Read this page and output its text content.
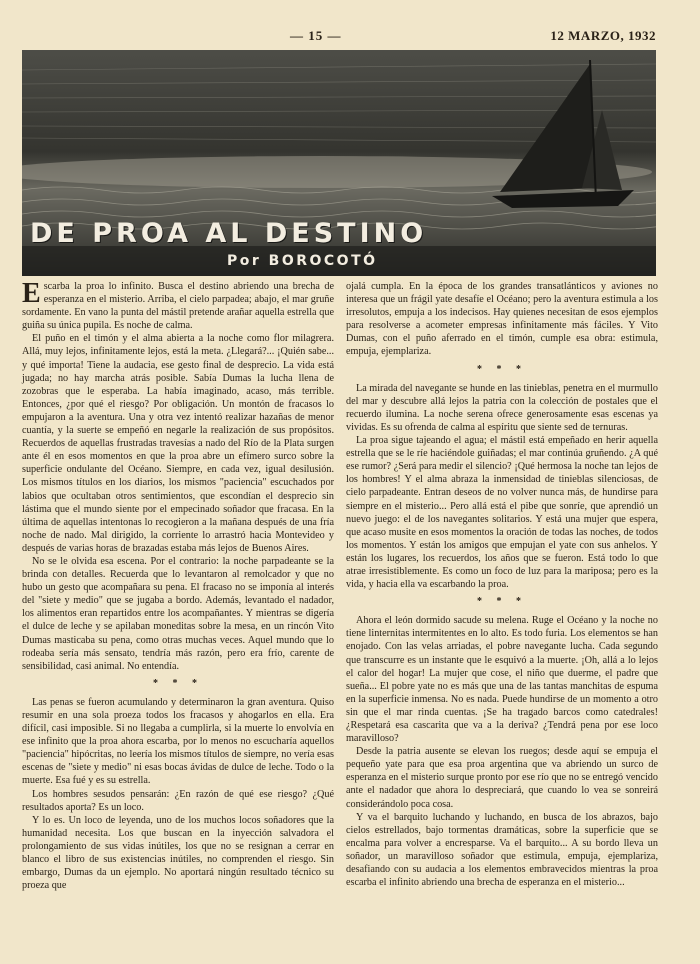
— 15 —	12 MARZO, 1932
DE PROA AL DESTINO
Por BOROCOTÓ

Escarba la proa lo infinito. Busca el destino abriendo una brecha de esperanza en el misterio. Arriba, el cielo parpadea; abajo, el mar gruñe sordamente. En vano la punta del mástil pretende arañar aquella estrella que guiña su única pupila. Es noche de calma.

El puño en el timón y el alma abierta a la noche como flor milagrera. Allá, muy lejos, infinitamente lejos, está la meta. ¿Llegará?... ¡Quién sabe... y qué importa! Tiene la audacia, ese gesto final de desprecio. La vida está jugada; no hay marcha atrás posible. Sabía Dumas la lucha llena de zozobras que le esperaba. La había imaginado, acaso, más terrible. Entonces, ¿por qué el riesgo? Por obligación. Un montón de fracasos lo empujaron a la aventura. Una y otra vez intentó realizar hazañas de menor cuantía, y la suerte se empeñó en negarle la realización de sus propósitos. Recuerdos de aquellas frustradas travesías a nado del Río de la Plata surgen ante él en esos momentos en que la proa abre un efímero surco sobre la superficie ondulante del Océano. Siempre, en cada vez, igual desilusión. Los mismos títulos en los diarios, los mismos "paciencia" escuchados por labios que ocultaban otros sentimientos, que escondían el desprecio sin lástima que el mundo siente por el empecinado soñador que fracasa. En la última de aquellas intentonas lo recogieron a la mañana después de una fría noche de nado. Mal dirigido, la corriente lo arrastró hacia Montevideo y después de varias horas de brazadas estaba más lejos de Buenos Aires.

No se le olvida esa escena. Por el contrario: la noche parpadeante se la brinda con detalles. Recuerda que lo levantaron al remolcador y que no hubo un gesto que acompañara su pena. El fracaso no se imponía al interés del "siete y medio" que se jugaba a bordo. Además, levantado el nadador, los alimentos eran repartidos entre los acompañantes. Y mientras se digería el dulce de leche y se apilaban moneditas sobre la mesa, en un rincón Vito Dumas masticaba su pena, como otras muchas veces. Aquel mundo que lo rodeaba sería más sensato, tendría más razón, pero era frío, carente de sensibilidad, casi animal. No entendía.

* * *

Las penas se fueron acumulando y determinaron la gran aventura. Quiso resumir en una sola proeza todos los fracasos y ahogarlos en ella. Era difícil, casi imposible. Si no llegaba a cumplirla, si la muerte lo envolvía en ese infinito que la proa ahora escarba, por lo menos no escucharía aquellos "paciencia" hipócritas, no leería los mismos títulos de siempre, no vería esas escenas de "siete y medio" ni esas bocas ávidas de dulce de leche. Todo o la muerte. Esa fué y es su estrella.

Los hombres sesudos pensarán: ¿En razón de qué ese riesgo? ¿Qué resultados aporta? Es un loco.

Y lo es. Un loco de leyenda, uno de los muchos locos soñadores que la humanidad necesita. Los que buscan en la inyección salvadora el prolongamiento de sus vidas inútiles, los que no se resignan a cerrar en blanco el libro de sus existencias inútiles, no comprenden el riesgo. Sin embargo, Dumas da un ejemplo. No aportará ningún resultado técnico su proeza que

ojalá cumpla. En la época de los grandes transatlánticos y aviones no interesa que un frágil yate desafíe el Océano; pero la aventura estimula a los irresolutos, empuja a los indecisos. Hay quienes necesitan de esos ejemplos para resolverse a acometer empresas infinitamente más fáciles. Y Vito Dumas, con el puño aferrado en el timón, cumple esa obra: estimula, empuja, ejemplariza.

* * *

La mirada del navegante se hunde en las tinieblas, penetra en el murmullo del mar y descubre allá lejos la patria con la colección de postales que el recuerdo ilumina. La noche serena ofrece generosamente esas escenas ya vividas. Es su ofrenda de calma al espíritu que siente sed de ternuras.

La proa sigue tajeando el agua; el mástil está empeñado en herir aquella estrella que se le ríe haciéndole guiñadas; el mar continúa gruñendo. ¿A qué ese rumor? ¿Será para medir el silencio? ¡Qué hermosa la noche tan lejos de los hombres! Y el alma abraza la inmensidad de tinieblas silenciosas, de cielo parpadeante. Entran deseos de no volver nunca más, de hundirse para siempre en el misterio... Pero allá está el pibe que sonríe, que aprendió un nuevo juego: el de los navegantes solitarios. Y está una mujer que espera, que acaso musite en esos momentos la oración de todas las noches, de todos los momentos. Y están los amigos que empujan el yate con sus anhelos. Y están los lugares, los recuerdos, los años que se fueron. Está todo lo que atrae irresistiblemente. Es como un foco de luz para la mariposa; pero es la vida, y hacia ella va escarbando la proa.

* * *

Ahora el león dormido sacude su melena. Ruge el Océano y la noche no tiene linternitas intermitentes en lo alto. Es todo furia. Los elementos se han enojado. Con las velas arriadas, el pobre navegante lucha. Cada segundo que transcurre es un instante que le esquivó a la muerte. ¡Oh, allá a lo lejos el calor del hogar! La mujer que cose, el niño que duerme, el padre que sueña... El pobre yate no es más que una de las tantas manchitas de espuma en la superficie inmensa. No es nada. Puede hundirse de un momento a otro sin que el mar rinda cuentas. ¡Se ha tragado barcos como catedrales! ¿Respetará esa cascarita que va a la deriva? ¿Tendrá pena por ese loco maravilloso?

Desde la patria ausente se elevan los ruegos; desde aquí se empuja el pequeño yate para que esa proa argentina que va abriendo un surco de esperanza en el misterio surque pronto por ese río que no se entregó vencido ante el nadador que ahora lo despreciará, que cuando lo vea se sonreirá considerándolo poca cosa.

Y va el barquito luchando y luchando, en busca de los abrazos, bajo cielos estrellados, bajo tormentas dramáticas, sobre la superficie que se encalma para volver a encresparse. Va el barquito... A su bordo lleva un soñador, un maravilloso soñador que estimula, empuja, ejemplariza, desafiando con su audacia a los elementos embravecidos mientras la proa escarba el infinito abriendo una brecha de esperanza en el misterio...
